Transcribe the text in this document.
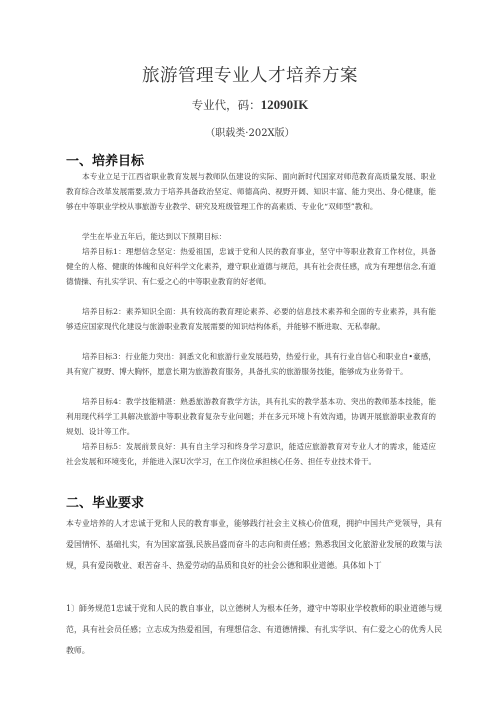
旅游管理专业人才培养方案
专业代，码：12090IK
（职载类·202X版）
一、培养目标

本专业立足于江西省职业教育发展与教师队伍建设的实际、面向新时代国家对师范教育高质量发展、职业教育综合改革发展需要,致力于培养具备政治坚定、师德高尚、视野开阔、知识丰富、能力突出、身心健康，能够在中等职业学校从事旅游专业教学、研究及班级管理工作的高素质、专业化“双师型”教和。

学生在毕业五年后，能达到以下预期目标：

培养目标1：理想信念坚定：热爱祖国，忠诚于党和人民的教育事业，坚守中等职业教育工作材位，具备健全的人格、健康的体魄和良好科学文化素养，遵守职业道德与规范，具有社会责任感，成为有理想信念,有道德情操、有扎实学识、有仁爱之心的中等职业教育的好老师。

培养目标2：素养知识全面：具有较高的教育理论素养、必要的信息技术素养和全面的专业素养，具有能够适应国家现代化建设与旅游职业教育发展需要的知识结构体系，并能够不断进取、无私奉献。

培养目标3：行业能力突出：洞悉文化和旅游行业发展趋势，热爱行业，具有行业自信心和职业自•豪感，具有宽广视野、博大胸怀，愿意长期为旅游教育服务，具备扎实的旅游服务技能，能够成为业务骨干。

培养目标4：教学技能精湛：熟悉旅游教育教学方法，具有扎实的教学基本功、突出的教师基本技能，能利用现代科学工具解决旅游中等职业教育复杂专业问题；并在多元环境卜有效沟通，协调开展旅游职业教育的规划、设计等工作。

培养目标5：发展前景良好：具有自主学习和终身学习意识，能适应旅游教育对专业人才的需求，能适应社会发展和环境变化，并能进入深U次学习，在工作岗位承担核心任务、担任专业技术骨干。

二、毕业要求

本专业培养的人才忠诚于党和人民的教育事业，能够践行社会主义核心价值观，拥护中国共产党领导，具有爱国情怀、基础扎实，有为国家富强,民族昌盛而奋斗的志向和责任感；熟悉我国文化旅游业发展的政策与法规，具有爱岗敬业、艰苦奋斗、热爱劳动的品质和良好的社会公德和职业道德。具体如卜丁

1〕師务规范1忠诚于党和人民的教自事业，以立德树人为根本任务，遵守中等职业学校教师的职业道德与规范，具有社会员任感；立志成为热爱祖国，有理想信念、有道德情操、有扎实学识、有仁爱之心的优秀人民教师。
